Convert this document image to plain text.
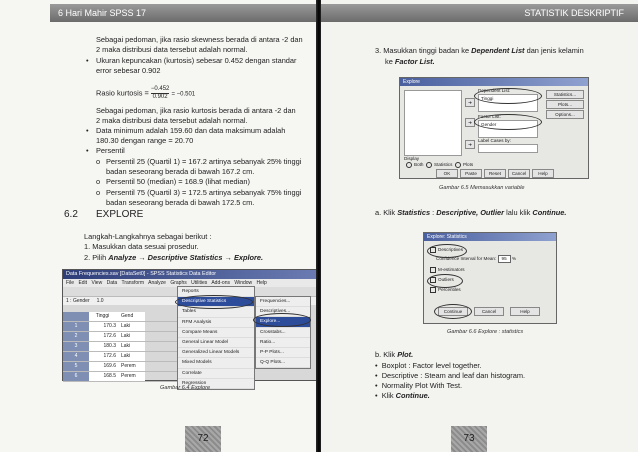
Sebagai pedoman, jika rasio skewness berada di antara -2 dan
2 maka distribusi data tersebut adalah normal.
• Ukuran kepuncakan (kurtosis) sebesar 0.452 dengan standar
error sebesar 0.902
Rasio kurtosis = $\frac{-0.452}{0.902} = -0.501$
Sebagai pedoman, jika rasio kurtosis berada di antara -2 dan
2 maka distribusi data tersebut adalah normal.
• Data minimum adalah 159.60 dan data maksimum adalah
180.30 dengan range = 20.70
• Persentil
o Persentil 25 (Quartil 1) = 167.2 artinya sebanyak 25% tinggi
badan seseorang berada di bawah 167.2 cm.
o Persentil 50 (median) = 168.9 (lihat median)
o Persentil 75 (Quartil 3) = 172.5 artinya sebanyak 75% tinggi
badan seseorang berada di bawah 172.5 cm.
6.2 EXPLORE
Langkah-Langkahnya sebagai berikut :
1. Masukkan data sesuai prosedur.
2. Pilih Analyze → Descriptive Statistics → Explore.
Data Frequencies.sav [DataSet0] - SPSS Statistics Data Editor
File Edit View Data Transform Analyze Graphs Utilities Add-ons Window Help
1 : Gender 1.0
Tinggi	Gend
1	170.3	Laki
2	172.6	Laki
3	180.3	Laki
4	172.6	Laki
5	169.6	Perem
6	168.5	Perem
Reports
Descriptive Statistics
Tables
RFM Analysis
Compare Means
General Linear Model
Generalized Linear Models
Mixed Models
Correlate
Regression
Frequencies...
Descriptives...
Explore...
Crosstabs...
Ratio...
P-P Plots...
Q-Q Plots...
Gambar 6.4 Explore
72
6 Hari Mahir SPSS 17
3. Masukkan tinggi badan ke Dependent List dan jenis kelamin
ke Factor List.
Explore
➜
Dependent List:
Tinggi
➜
Factor List:
Gender
➜
Label Cases by:
Statistics...
Plots...
Options...
Display
Both Statistics Plots
OK	Paste	Reset	Cancel	Help
Gambar 6.5 Memasukkan variable
a. Klik Statistics : Descriptive, Outlier lalu klik Continue.
Explore: Statistics
Descriptives
Confidence Interval for Mean: 95 %
M-estimators
Outliers
Percentiles
Continue	Cancel	Help
Gambar 6.6 Explore : statistics
b. Klik Plot.
•  Boxplot : Factor level together.
•  Descriptive : Steam and leaf dan histogram.
•  Normality Plot With Test.
•  Klik Continue.
73
STATISTIK DESKRIPTIF
